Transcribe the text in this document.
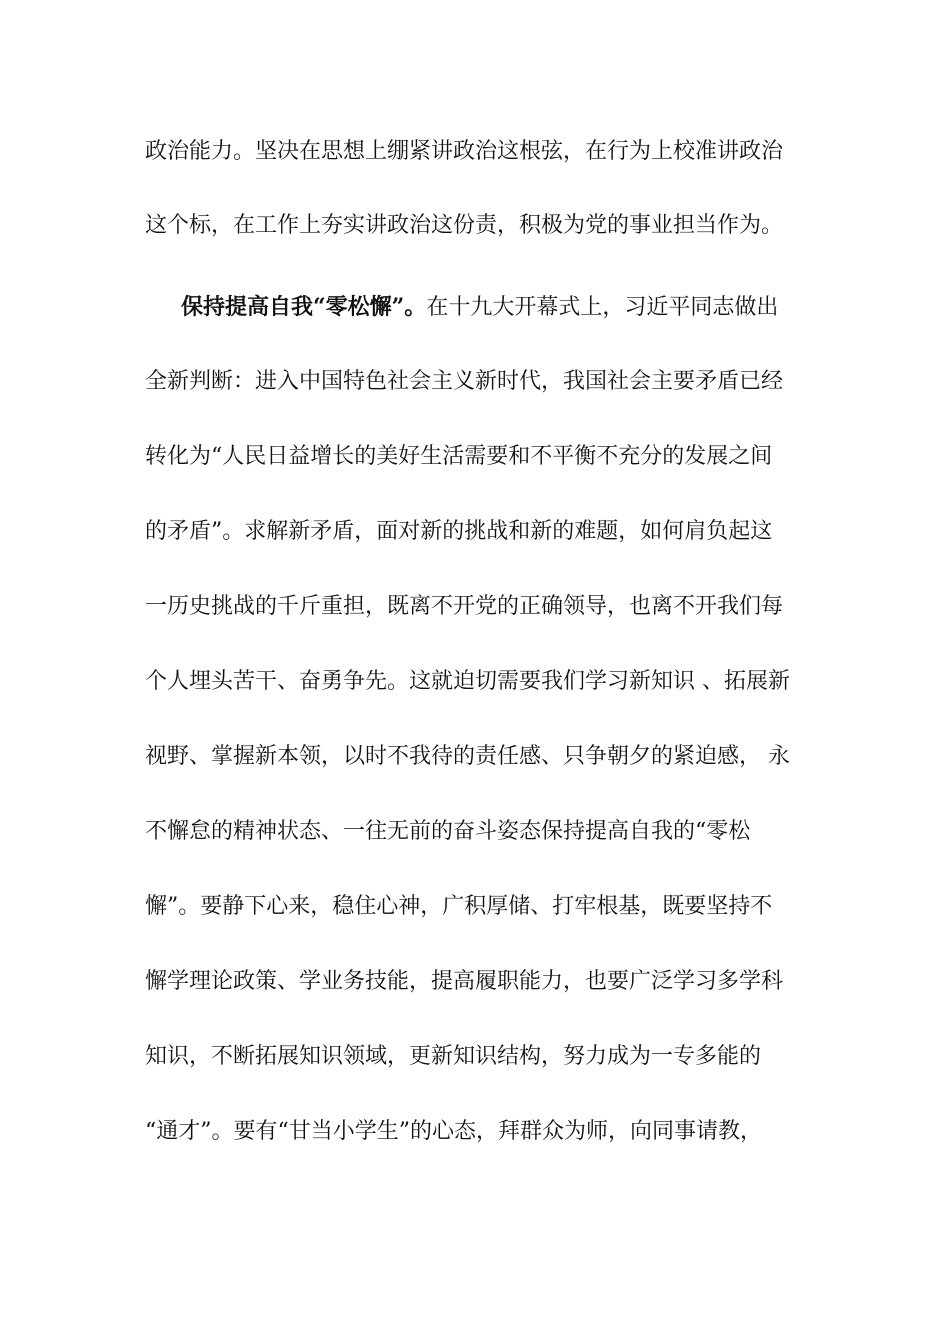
政治能力。坚决在思想上绷紧讲政治这根弦，在行为上校准讲政治
这个标，在工作上夯实讲政治这份责，积极为党的事业担当作为。
保持提高自我“零松懈”。在十九大开幕式上，习近平同志做出
全新判断：进入中国特色社会主义新时代，我国社会主要矛盾已经
转化为“人民日益增长的美好生活需要和不平衡不充分的发展之间
的矛盾”。求解新矛盾，面对新的挑战和新的难题，如何肩负起这
一历史挑战的千斤重担，既离不开党的正确领导，也离不开我们每
个人埋头苦干、奋勇争先。这就迫切需要我们学习新知识 、拓展新
视野、掌握新本领，以时不我待的责任感、只争朝夕的紧迫感， 永
不懈怠的精神状态、一往无前的奋斗姿态保持提高自我的“零松
懈”。要静下心来，稳住心神，广积厚储、打牢根基，既要坚持不
懈学理论政策、学业务技能，提高履职能力，也要广泛学习多学科
知识，不断拓展知识领域，更新知识结构，努力成为一专多能的
“通才”。要有“甘当小学生”的心态，拜群众为师，向同事请教，
